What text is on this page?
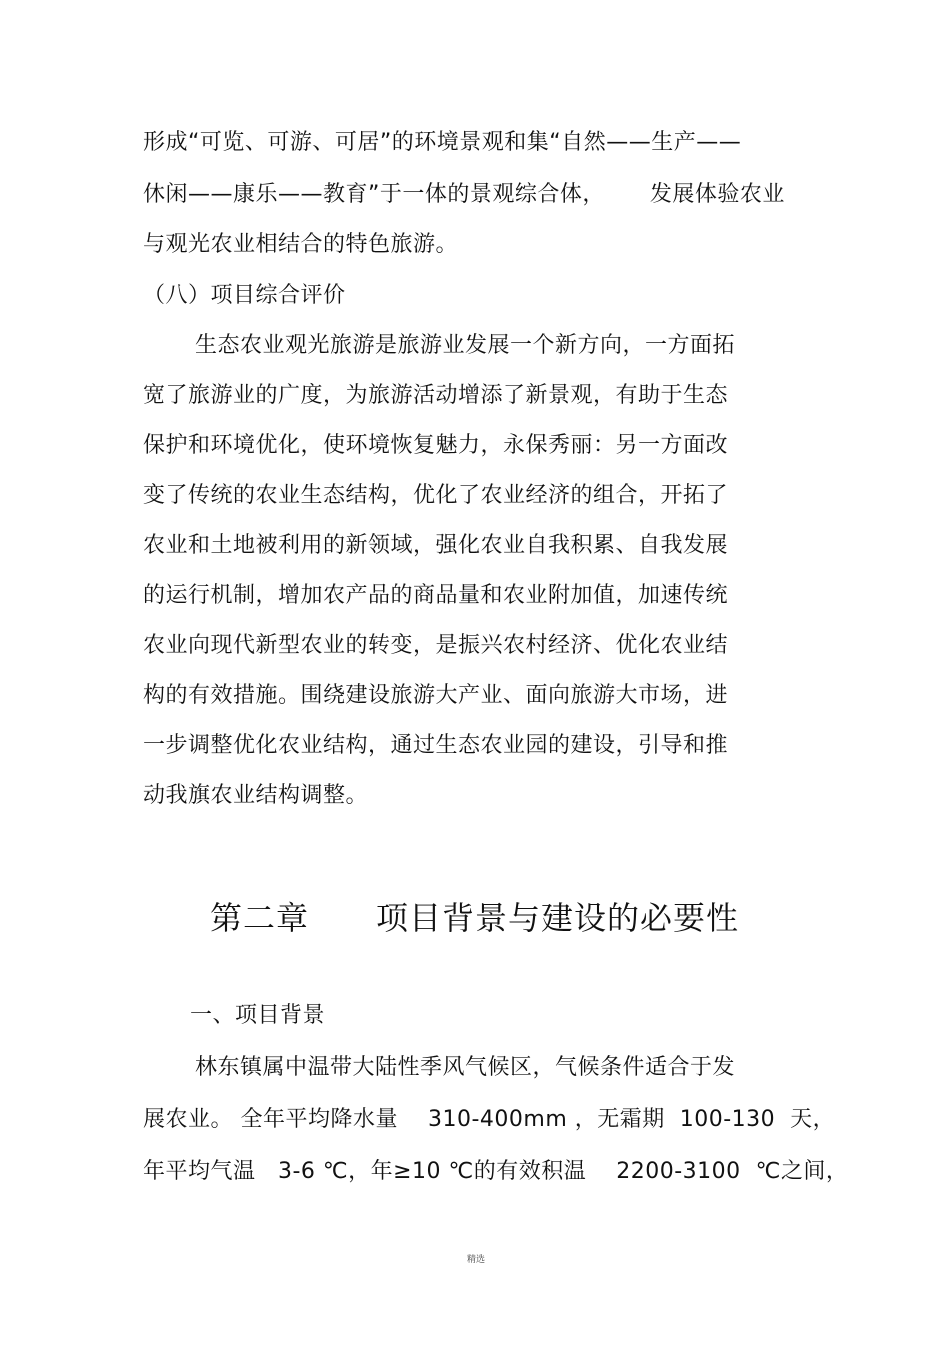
形成“可览、可游、可居”的环境景观和集“自然——生产——
休闲——康乐——教育”于一体的景观综合体，      发展体验农业
与观光农业相结合的特色旅游。
（八）项目综合评价
生态农业观光旅游是旅游业发展一个新方向，一方面拓
宽了旅游业的广度，为旅游活动增添了新景观，有助于生态
保护和环境优化，使环境恢复魅力，永保秀丽：另一方面改
变了传统的农业生态结构，优化了农业经济的组合，开拓了
农业和土地被利用的新领域，强化农业自我积累、自我发展
的运行机制，增加农产品的商品量和农业附加值，加速传统
农业向现代新型农业的转变，是振兴农村经济、优化农业结
构的有效措施。围绕建设旅游大产业、面向旅游大市场，进
一步调整优化农业结构，通过生态农业园的建设，引导和推
动我旗农业结构调整。
第二章      项目背景与建设的必要性
一、项目背景
林东镇属中温带大陆性季风气候区，气候条件适合于发
展农业。 全年平均降水量    310-400mm ，无霜期  100-130  天，
年平均气温   3-6 ℃，年≥10 ℃的有效积温    2200-3100  ℃之间，
精选
